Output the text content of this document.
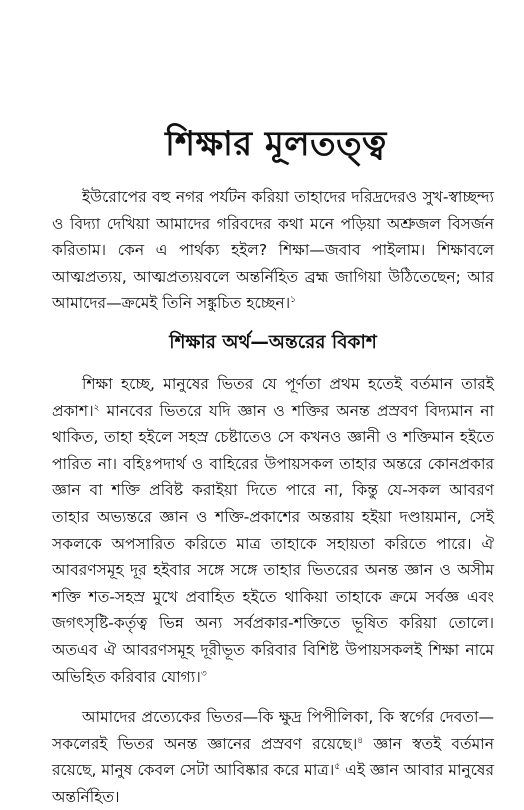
শিক্ষার মূলতত্ত্ব

ইউরোপের বহু নগর পর্যটন করিয়া তাহাদের দরিদ্রদেরও সুখ-স্বাচ্ছন্দ্য ও বিদ্যা দেখিয়া আমাদের গরিবদের কথা মনে পড়িয়া অশ্রুজল বিসর্জন করিতাম। কেন এ পার্থক্য হইল? শিক্ষা—জবাব পাইলাম। শিক্ষাবলে আত্মপ্রত্যয়, আত্মপ্রত্যয়বলে অন্তর্নিহিত ব্রহ্ম জাগিয়া উঠিতেছেন; আর আমাদের—ক্রমেই তিনি সঙ্কুচিত হচ্ছেন।$^১$

শিক্ষার অর্থ—অন্তরের বিকাশ

শিক্ষা হচ্ছে, মানুষের ভিতর যে পূর্ণতা প্রথম হতেই বর্তমান তারই প্রকাশ।$^২$ মানবের ভিতরে যদি জ্ঞান ও শক্তির অনন্ত প্রস্রবণ বিদ্যমান না থাকিত, তাহা হইলে সহস্র চেষ্টাতেও সে কখনও জ্ঞানী ও শক্তিমান হইতে পারিত না। বহিঃপদার্থ ও বাহিরের উপায়সকল তাহার অন্তরে কোনপ্রকার জ্ঞান বা শক্তি প্রবিষ্ট করাইয়া দিতে পারে না, কিন্তু যে-সকল আবরণ তাহার অভ্যন্তরে জ্ঞান ও শক্তি-প্রকাশের অন্তরায় হইয়া দণ্ডায়মান, সেই সকলকে অপসারিত করিতে মাত্র তাহাকে সহায়তা করিতে পারে। ঐ আবরণসমূহ দূর হইবার সঙ্গে সঙ্গে তাহার ভিতরের অনন্ত জ্ঞান ও অসীম শক্তি শত-সহস্র মুখে প্রবাহিত হইতে থাকিয়া তাহাকে ক্রমে সর্বজ্ঞ এবং জগৎসৃষ্টি-কর্তৃত্ব ভিন্ন অন্য সর্বপ্রকার-শক্তিতে ভূষিত করিয়া তোলে। অতএব ঐ আবরণসমূহ দূরীভূত করিবার বিশিষ্ট উপায়সকলই শিক্ষা নামে অভিহিত করিবার যোগ্য।$^৩$

আমাদের প্রত্যেকের ভিতর—কি ক্ষুদ্র পিপীলিকা, কি স্বর্গের দেবতা—সকলেরই ভিতর অনন্ত জ্ঞানের প্রস্রবণ রয়েছে।$^৪$ জ্ঞান স্বতই বর্তমান রয়েছে, মানুষ কেবল সেটা আবিষ্কার করে মাত্র।$^৫$ এই জ্ঞান আবার মানুষের অন্তর্নিহিত।
